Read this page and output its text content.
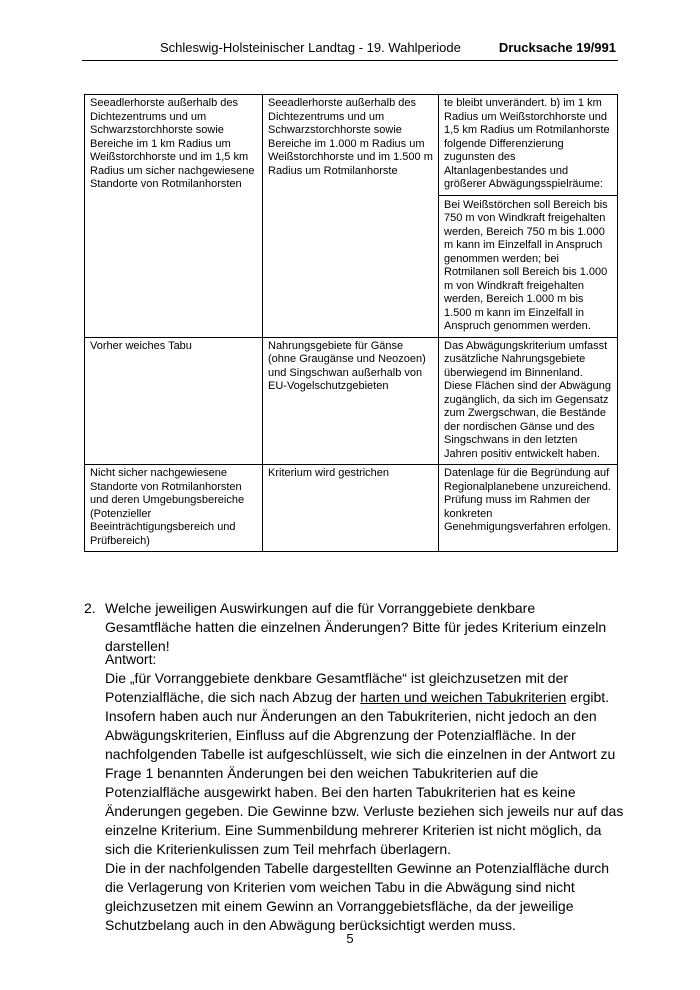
Schleswig-Holsteinischer Landtag - 19. Wahlperiode	Drucksache 19/991
Seeadlerhorste außerhalb des Dichtezentrums und um Schwarzstorchhorste sowie Bereiche im 1 km Radius um Weißstorchhorste und im 1,5 km Radius um sicher nachgewiesene Standorte von Rotmilanhorsten	Seeadlerhorste außerhalb des Dichtezentrums und um Schwarzstorchhorste sowie Bereiche im 1.000 m Radius um Weißstorchhorste und im 1.500 m Radius um Rotmilanhorste	te bleibt unverändert. b) im 1 km Radius um Weißstorchhorste und 1,5 km Radius um Rotmilanhorste folgende Differenzierung zugunsten des Altanlagenbestandes und größerer Abwägungsspielräume:
Bei Weißstörchen soll Bereich bis 750 m von Windkraft freigehalten werden, Bereich 750 m bis 1.000 m kann im Einzelfall in Anspruch genommen werden; bei Rotmilanen soll Bereich bis 1.000 m von Windkraft freigehalten werden, Bereich 1.000 m bis 1.500 m kann im Einzelfall in Anspruch genommen werden.

Vorher weiches Tabu	Nahrungsgebiete für Gänse (ohne Graugänse und Neozoen) und Singschwan außerhalb von EU-Vogelschutzgebieten	Das Abwägungskriterium umfasst zusätzliche Nahrungsgebiete überwiegend im Binnenland. Diese Flächen sind der Abwägung zugänglich, da sich im Gegensatz zum Zwergschwan, die Bestände der nordischen Gänse und des Singschwans in den letzten Jahren positiv entwickelt haben.
Nicht sicher nachgewiesene Standorte von Rotmilanhorsten und deren Umgebungsbereiche (Potenzieller Beeinträchtigungsbereich und Prüfbereich)	Kriterium wird gestrichen	Datenlage für die Begründung auf Regionalplanebene unzureichend. Prüfung muss im Rahmen der konkreten Genehmigungsverfahren erfolgen.
2. Welche jeweiligen Auswirkungen auf die für Vorranggebiete denkbare Gesamtfläche hatten die einzelnen Änderungen? Bitte für jedes Kriterium einzeln darstellen!

Antwort:

Die „für Vorranggebiete denkbare Gesamtfläche“ ist gleichzusetzen mit der Potenzialfläche, die sich nach Abzug der harten und weichen Tabukriterien ergibt. Insofern haben auch nur Änderungen an den Tabukriterien, nicht jedoch an den Abwägungskriterien, Einfluss auf die Abgrenzung der Potenzialfläche. In der nachfolgenden Tabelle ist aufgeschlüsselt, wie sich die einzelnen in der Antwort zu Frage 1 benannten Änderungen bei den weichen Tabukriterien auf die Potenzialfläche ausgewirkt haben. Bei den harten Tabukriterien hat es keine Änderungen gegeben. Die Gewinne bzw. Verluste beziehen sich jeweils nur auf das einzelne Kriterium. Eine Summenbildung mehrerer Kriterien ist nicht möglich, da sich die Kriterienkulissen zum Teil mehrfach überlagern.

Die in der nachfolgenden Tabelle dargestellten Gewinne an Potenzialfläche durch die Verlagerung von Kriterien vom weichen Tabu in die Abwägung sind nicht gleichzusetzen mit einem Gewinn an Vorranggebietsfläche, da der jeweilige Schutzbelang auch in den Abwägung berücksichtigt werden muss.

5
